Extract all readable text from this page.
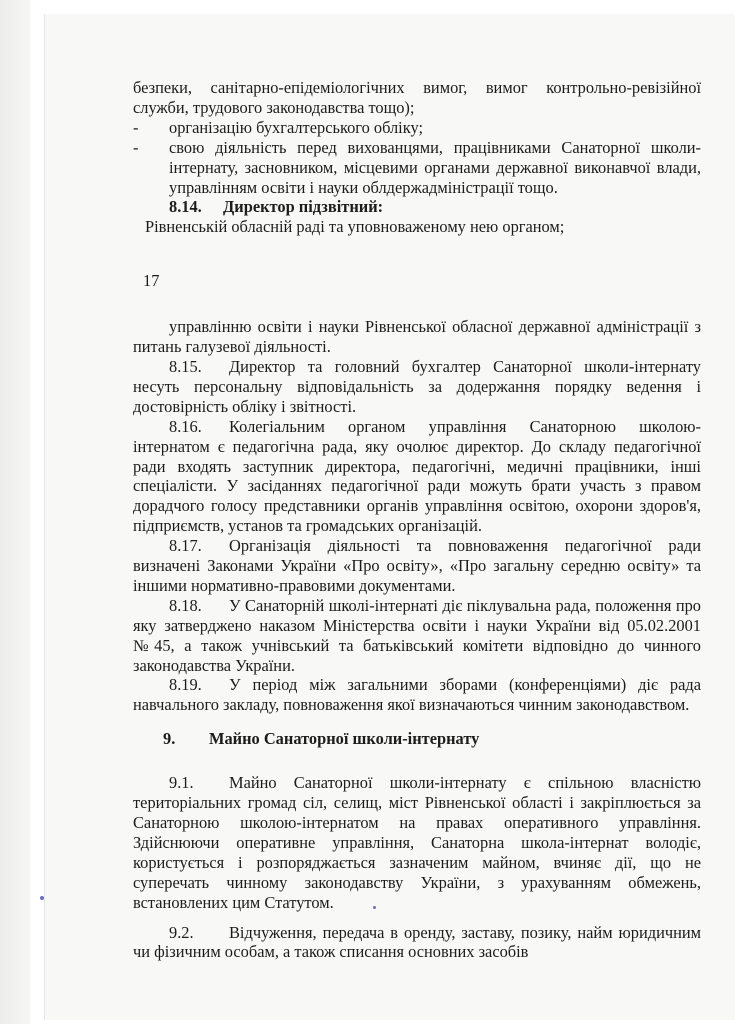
безпеки, санітарно-епідеміологічних вимог, вимог контрольно-ревізійної служби, трудового законодавства тощо);

- організацію бухгалтерського обліку;

- свою діяльність перед вихованцями, працівниками Санаторної школи-інтернату, засновником, місцевими органами державної виконавчої влади, управлінням освіти і науки облдержадміністрації тощо.

8.14. Директор підзвітний:

Рівненській обласній раді та уповноваженому нею органом;

17

управлінню освіти і науки Рівненської обласної державної адміністрації з питань галузевої діяльності.

8.15. Директор та головний бухгалтер Санаторної школи-інтернату несуть персональну відповідальність за додержання порядку ведення і достовірність обліку і звітності.

8.16. Колегіальним органом управління Санаторною школою-інтернатом є педагогічна рада, яку очолює директор. До складу педагогічної ради входять заступник директора, педагогічні, медичні працівники, інші спеціалісти. У засіданнях педагогічної ради можуть брати участь з правом дорадчого голосу представники органів управління освітою, охорони здоров'я, підприємств, установ та громадських організацій.

8.17. Організація діяльності та повноваження педагогічної ради визначені Законами України «Про освіту», «Про загальну середню освіту» та іншими нормативно-правовими документами.

8.18. У Санаторній школі-інтернаті діє піклувальна рада, положення про яку затверджено наказом Міністерства освіти і науки України від 05.02.2001 №45, а також учнівський та батьківський комітети відповідно до чинного законодавства України.

8.19. У період між загальними зборами (конференціями) діє рада навчального закладу, повноваження якої визначаються чинним законодавством.

9. Майно Санаторної школи-інтернату

9.1. Майно Санаторної школи-інтернату є спільною власністю територіальних громад сіл, селищ, міст Рівненської області і закріплюється за Санаторною школою-інтернатом на правах оперативного управління. Здійснюючи оперативне управління, Санаторна школа-інтернат володіє, користується і розпоряджається зазначеним майном, вчиняє дії, що не суперечать чинному законодавству України, з урахуванням обмежень, встановлених цим Статутом.

9.2. Відчуження, передача в оренду, заставу, позику, найм юридичним чи фізичним особам, а також списання основних засобів
